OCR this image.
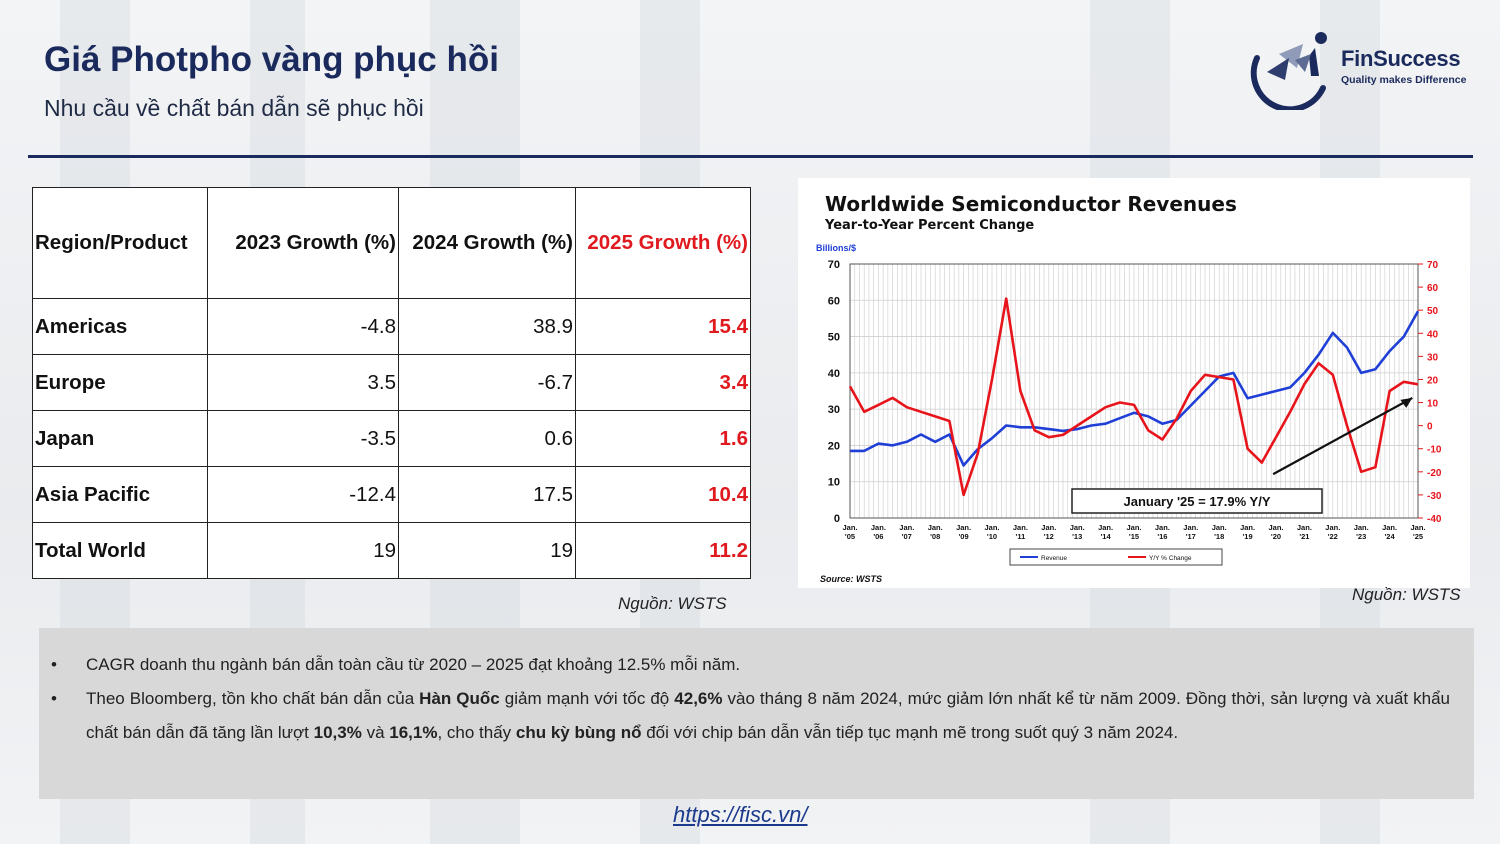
Giá Photpho vàng phục hồi
Nhu cầu về chất bán dẫn sẽ phục hồi
FinSuccess
Quality makes Difference
Region/Product	2023 Growth (%)	2024 Growth (%)	2025 Growth (%)
Americas	-4.8	38.9	15.4
Europe	3.5	-6.7	3.4
Japan	-3.5	0.6	1.6
Asia Pacific	-12.4	17.5	10.4
Total World	19	19	11.2
Nguồn: WSTS
Worldwide Semiconductor Revenues
Year-to-Year Percent Change
Billions/$
70
60
50
40
30
20
10
0
70
60
50
40
30
20
10
0
-10
-20
-30
-40
Jan.
'05
Jan.
'06
Jan.
'07
Jan.
'08
Jan.
'09
Jan.
'10
Jan.
'11
Jan.
'12
Jan.
'13
Jan.
'14
Jan.
'15
Jan.
'16
Jan.
'17
Jan.
'18
Jan.
'19
Jan.
'20
Jan.
'21
Jan.
'22
Jan.
'23
Jan.
'24
Jan.
'25
January '25 = 17.9% Y/Y
Revenue	Y/Y % Change
Source: WSTS
Nguồn: WSTS
• CAGR doanh thu ngành bán dẫn toàn cầu từ 2020 – 2025 đạt khoảng 12.5% mỗi năm.
• Theo Bloomberg, tồn kho chất bán dẫn của Hàn Quốc giảm mạnh với tốc độ 42,6% vào tháng 8 năm 2024, mức giảm lớn nhất kể từ năm 2009. Đồng thời, sản lượng và xuất khẩu chất bán dẫn đã tăng lần lượt 10,3% và 16,1%, cho thấy chu kỳ bùng nổ đối với chip bán dẫn vẫn tiếp tục mạnh mẽ trong suốt quý 3 năm 2024.
https://fisc.vn/
